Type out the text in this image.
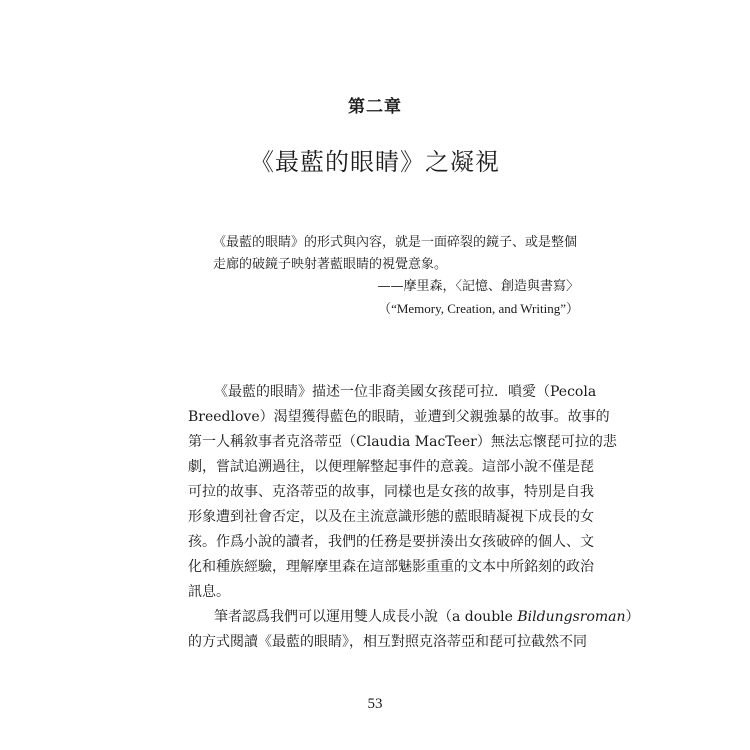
第二章
《最藍的眼睛》之凝視
《最藍的眼睛》的形式與內容，就是一面碎裂的鏡子、或是整個
走廊的破鏡子映射著藍眼睛的視覺意象。
——摩里森，〈記憶、創造與書寫〉
（“Memory, Creation, and Writing”）
《最藍的眼睛》描述一位非裔美國女孩琵可拉．嗩愛（Pecola
Breedlove）渴望獲得藍色的眼睛，並遭到父親強暴的故事。故事的
第一人稱敘事者克洛蒂亞（Claudia MacTeer）無法忘懷琵可拉的悲
劇，嘗試追溯過往，以便理解整起事件的意義。這部小說不僅是琵
可拉的故事、克洛蒂亞的故事，同樣也是女孩的故事，特別是自我
形象遭到社會否定，以及在主流意識形態的藍眼睛凝視下成長的女
孩。作爲小說的讀者，我們的任務是要拼湊出女孩破碎的個人、文
化和種族經驗，理解摩里森在這部魅影重重的文本中所銘刻的政治
訊息。
筆者認爲我們可以運用雙人成長小說（a double Bildungsroman）
的方式閱讀《最藍的眼睛》，相互對照克洛蒂亞和琵可拉截然不同
53
